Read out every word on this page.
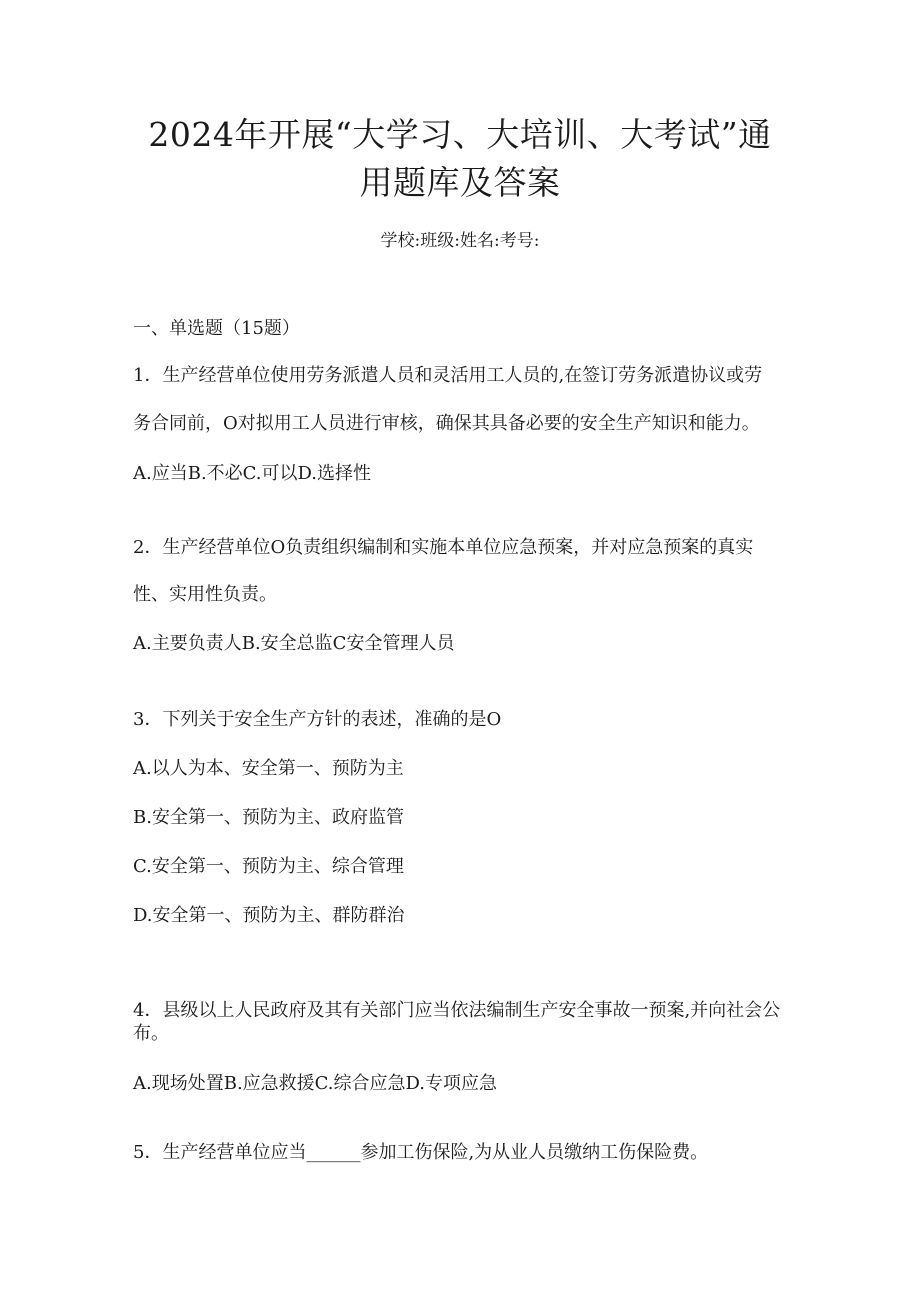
2024年开展“大学习、大培训、大考试”通
用题库及答案
学校:班级:姓名:考号:
一、单选题（15题）
1．生产经营单位使用劳务派遣人员和灵活用工人员的,在签订劳务派遣协议或劳
务合同前，O对拟用工人员进行审核，确保其具备必要的安全生产知识和能力。
A.应当B.不必C.可以D.选择性
2．生产经营单位O负责组织编制和实施本单位应急预案，并对应急预案的真实
性、实用性负责。
A.主要负责人B.安全总监C安全管理人员
3．下列关于安全生产方针的表述，准确的是O
A.以人为本、安全第一、预防为主
B.安全第一、预防为主、政府监管
C.安全第一、预防为主、综合管理
D.安全第一、预防为主、群防群治
4．县级以上人民政府及其有关部门应当依法编制生产安全事故一预案,并向社会公布。
A.现场处置B.应急救援C.综合应急D.专项应急
5．生产经营单位应当______参加工伤保险,为从业人员缴纳工伤保险费。
